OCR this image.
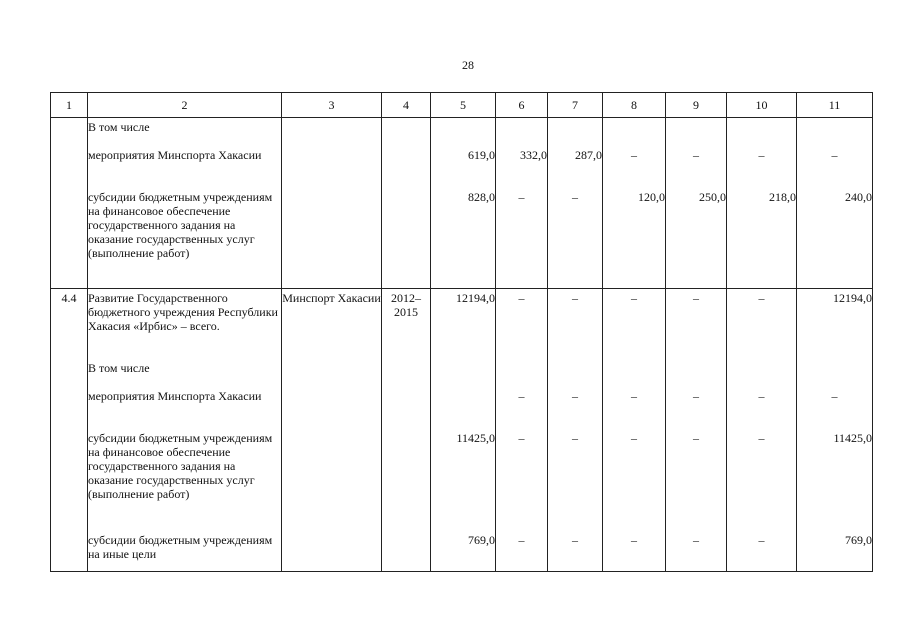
28
1	2	3	4	5	6	7	8	9	10	11
	В том числе									
	мероприятия Минспорта Хакасии			619,0	332,0	287,0	–	–	–	–
	субсидии бюджетным учреждениям на финансовое обеспечение государственного задания на оказание государственных услуг (выполнение работ)			828,0	–	–	120,0	250,0	218,0	240,0
4.4	Развитие Государственного бюджетного учреждения Республики Хакасия «Ирбис» – всего.	Минспорт Хакасии	2012–2015	12194,0	–	–	–	–	–	12194,0
	В том числе									
	мероприятия Минспорта Хакасии				–	–	–	–	–	–
	субсидии бюджетным учреждениям на финансовое обеспечение государственного задания на оказание государственных услуг (выполнение работ)			11425,0	–	–	–	–	–	11425,0
	субсидии бюджетным учреждениям на иные цели			769,0	–	–	–	–	–	769,0
